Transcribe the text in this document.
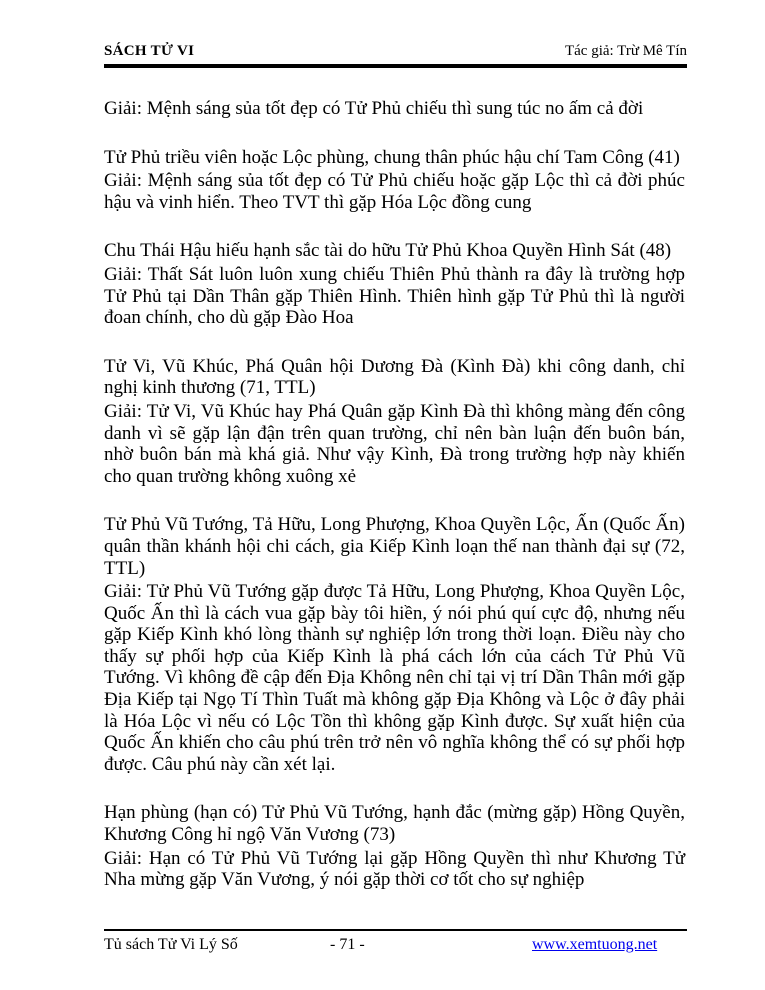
SÁCH TỬ VI	Tác giả: Trừ Mê Tín

Giải: Mệnh sáng sủa tốt đẹp có Tử Phủ chiếu thì sung túc no ấm cả đời

Tử Phủ triều viên hoặc Lộc phùng, chung thân phúc hậu chí Tam Công (41)

Giải: Mệnh sáng sủa tốt đẹp có Tử Phủ chiếu hoặc gặp Lộc thì cả đời phúc hậu và vinh hiển. Theo TVT thì gặp Hóa Lộc đồng cung

Chu Thái Hậu hiếu hạnh sắc tài do hữu Tử Phủ Khoa Quyền Hình Sát (48)

Giải: Thất Sát luôn luôn xung chiếu Thiên Phủ thành ra đây là trường hợp Tử Phủ tại Dần Thân gặp Thiên Hình. Thiên hình gặp Tử Phủ thì là người đoan chính, cho dù gặp Đào Hoa

Tử Vi, Vũ Khúc, Phá Quân hội Dương Đà (Kình Đà) khi công danh, chỉ nghị kinh thương (71, TTL)

Giải: Tử Vi, Vũ Khúc hay Phá Quân gặp Kình Đà thì không màng đến công danh vì sẽ gặp lận đận trên quan trường, chỉ nên bàn luận đến buôn bán, nhờ buôn bán mà khá giả. Như vậy Kình, Đà trong trường hợp này khiến cho quan trường không xuông xẻ

Tử Phủ Vũ Tướng, Tả Hữu, Long Phượng, Khoa Quyền Lộc, Ấn (Quốc Ấn) quân thần khánh hội chi cách, gia Kiếp Kình loạn thế nan thành đại sự (72, TTL)

Giải: Tử Phủ Vũ Tướng gặp được Tả Hữu, Long Phượng, Khoa Quyền Lộc, Quốc Ấn thì là cách vua gặp bày tôi hiền, ý nói phú quí cực độ, nhưng nếu gặp Kiếp Kình khó lòng thành sự nghiệp lớn trong thời loạn. Điều này cho thấy sự phối hợp của Kiếp Kình là phá cách lớn của cách Tử Phủ Vũ Tướng. Vì không đề cập đến Địa Không nên chỉ tại vị trí Dần Thân mới gặp Địa Kiếp tại Ngọ Tí Thìn Tuất mà không gặp Địa Không và Lộc ở đây phải là Hóa Lộc vì nếu có Lộc Tồn thì không gặp Kình được. Sự xuất hiện của Quốc Ấn khiến cho câu phú trên trở nên vô nghĩa không thể có sự phối hợp được. Câu phú này cần xét lại.

Hạn phùng (hạn có) Tử Phủ Vũ Tướng, hạnh đắc (mừng gặp) Hồng Quyền, Khương Công hỉ ngộ Văn Vương (73)

Giải: Hạn có Tử Phủ Vũ Tướng lại gặp Hồng Quyền thì như Khương Tử Nha mừng gặp Văn Vương, ý nói gặp thời cơ tốt cho sự nghiệp

Tủ sách Tử Vi Lý Số	- 71 -	www.xemtuong.net
